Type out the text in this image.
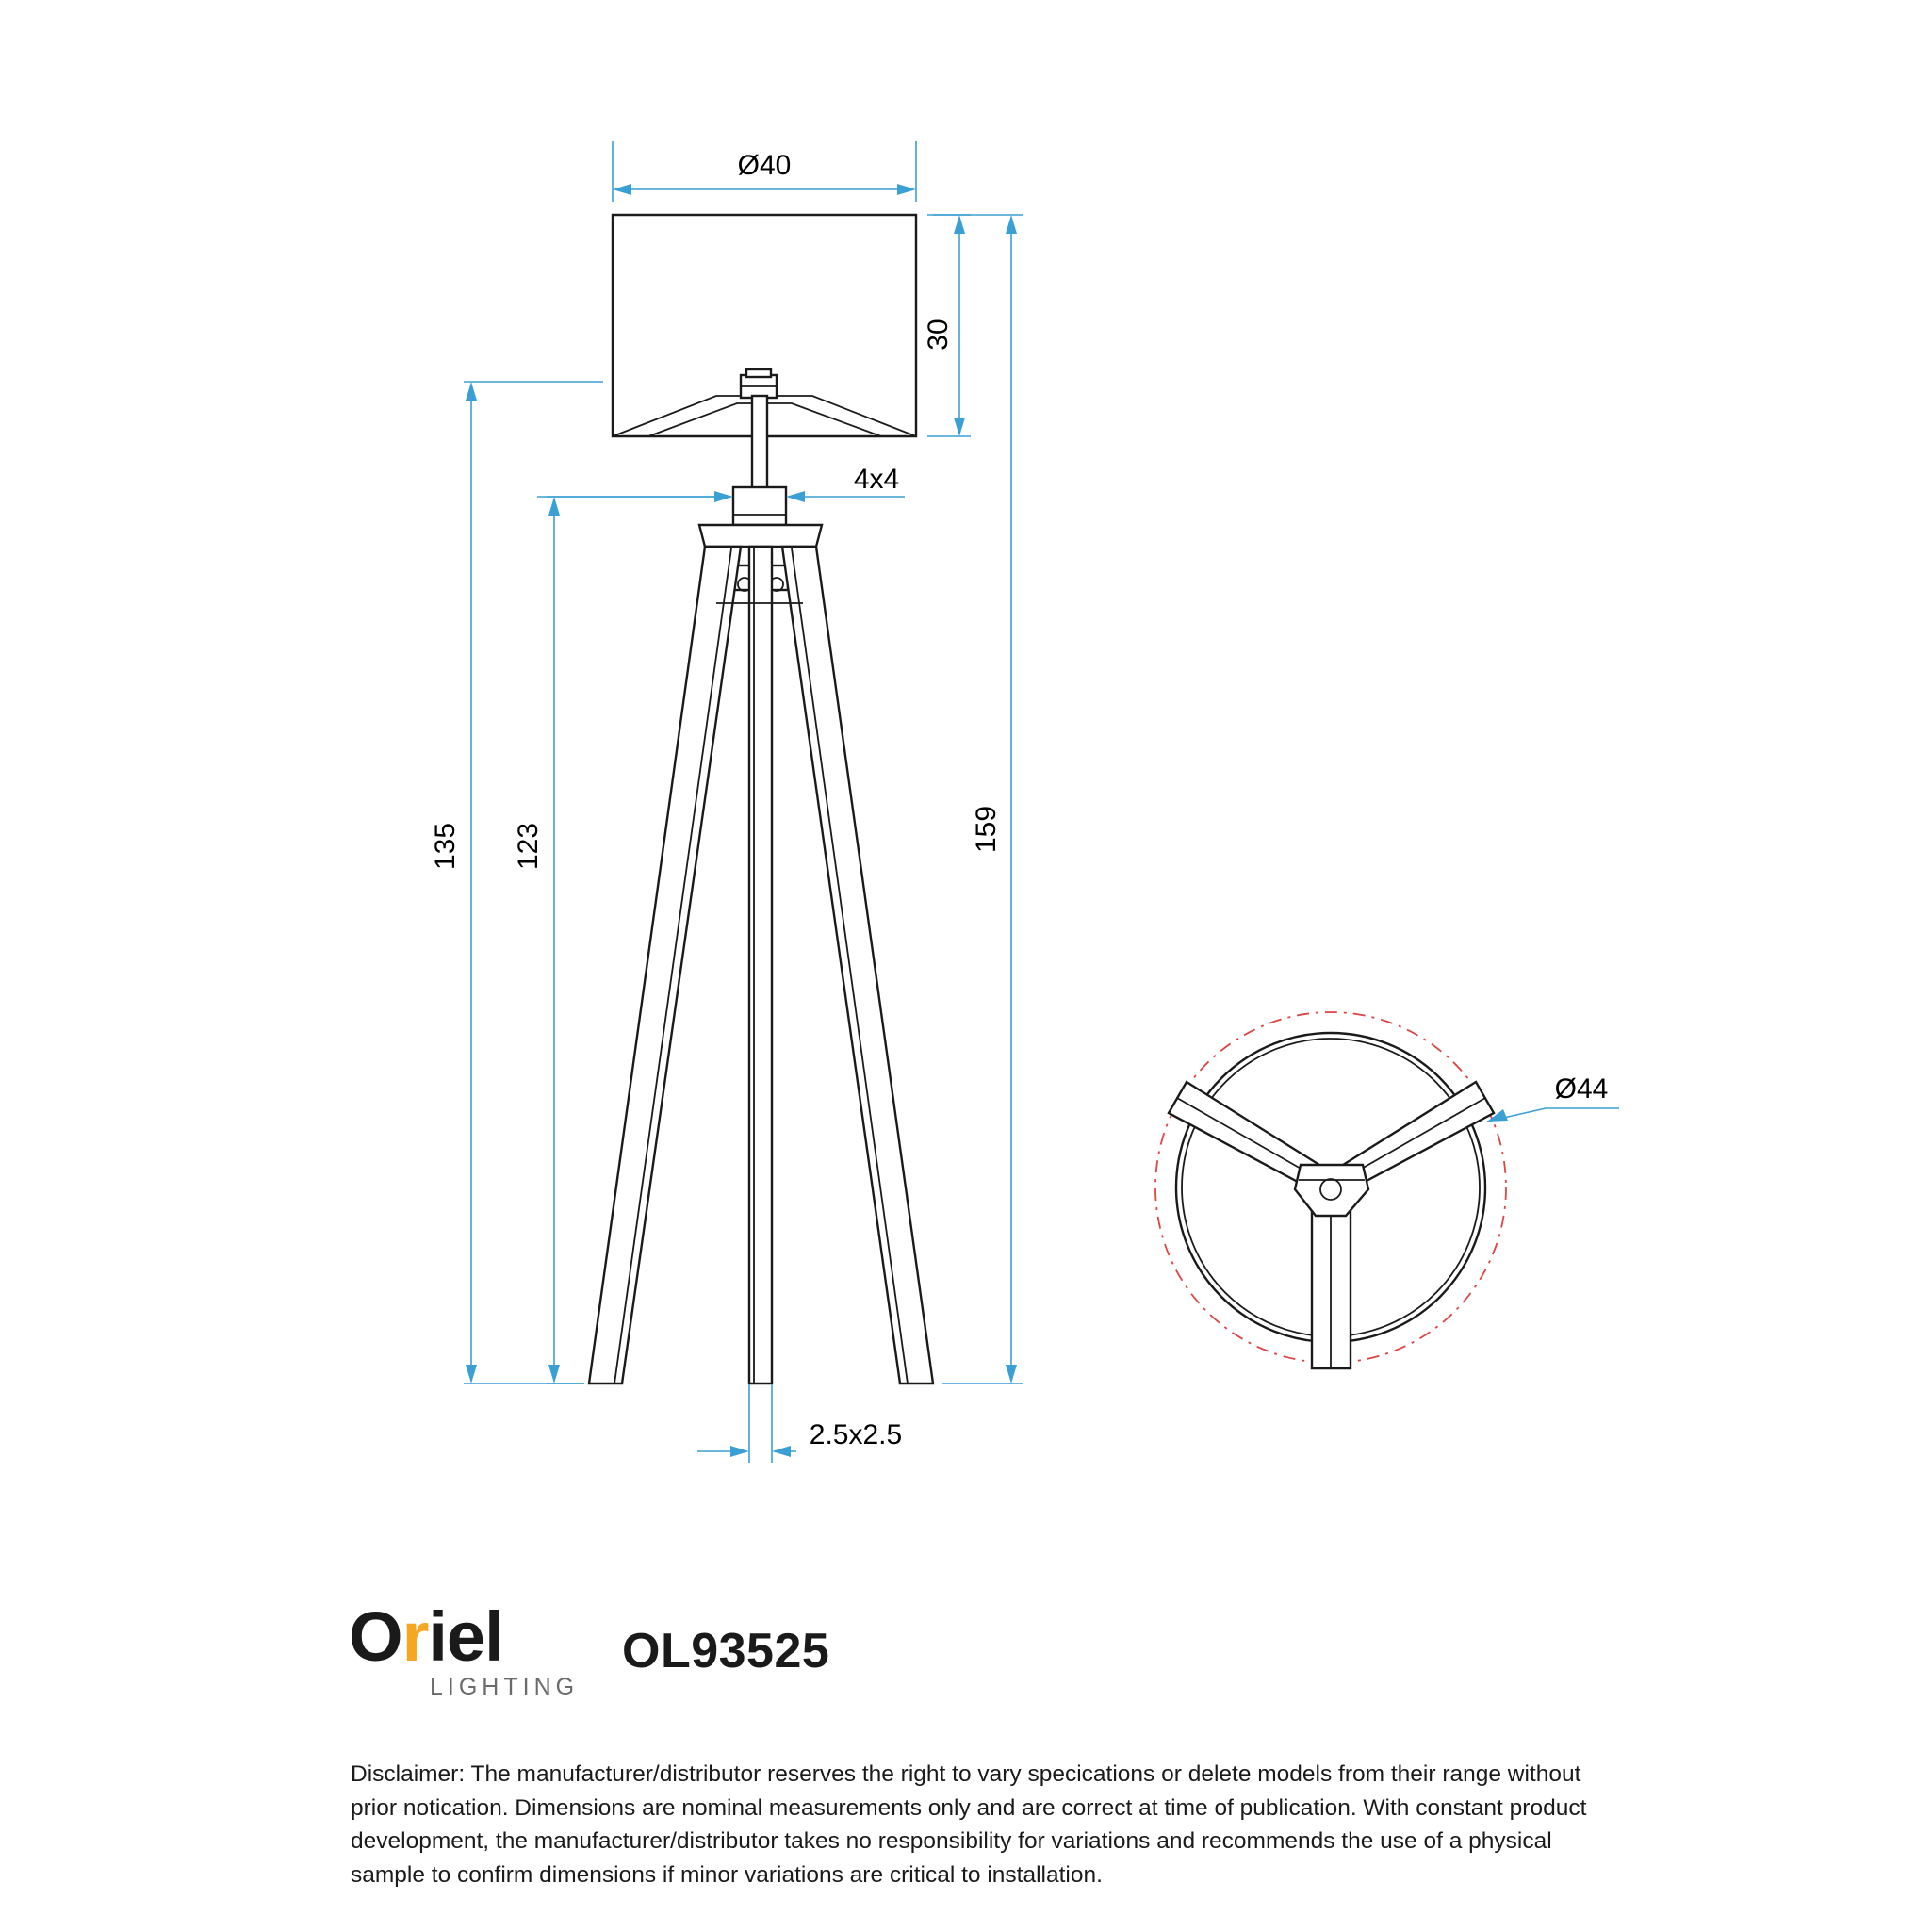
Ø40
30
4x4
135 123	159
2.5x2.5
Ø44
Oriel
LIGHTING
OL93525
Disclaimer: The manufacturer/distributor reserves the right to vary specications or delete models from their range without prior notication. Dimensions are nominal measurements only and are correct at time of publication. With constant product development, the manufacturer/distributor takes no responsibility for variations and recommends the use of a physical sample to confirm dimensions if minor variations are critical to installation.
